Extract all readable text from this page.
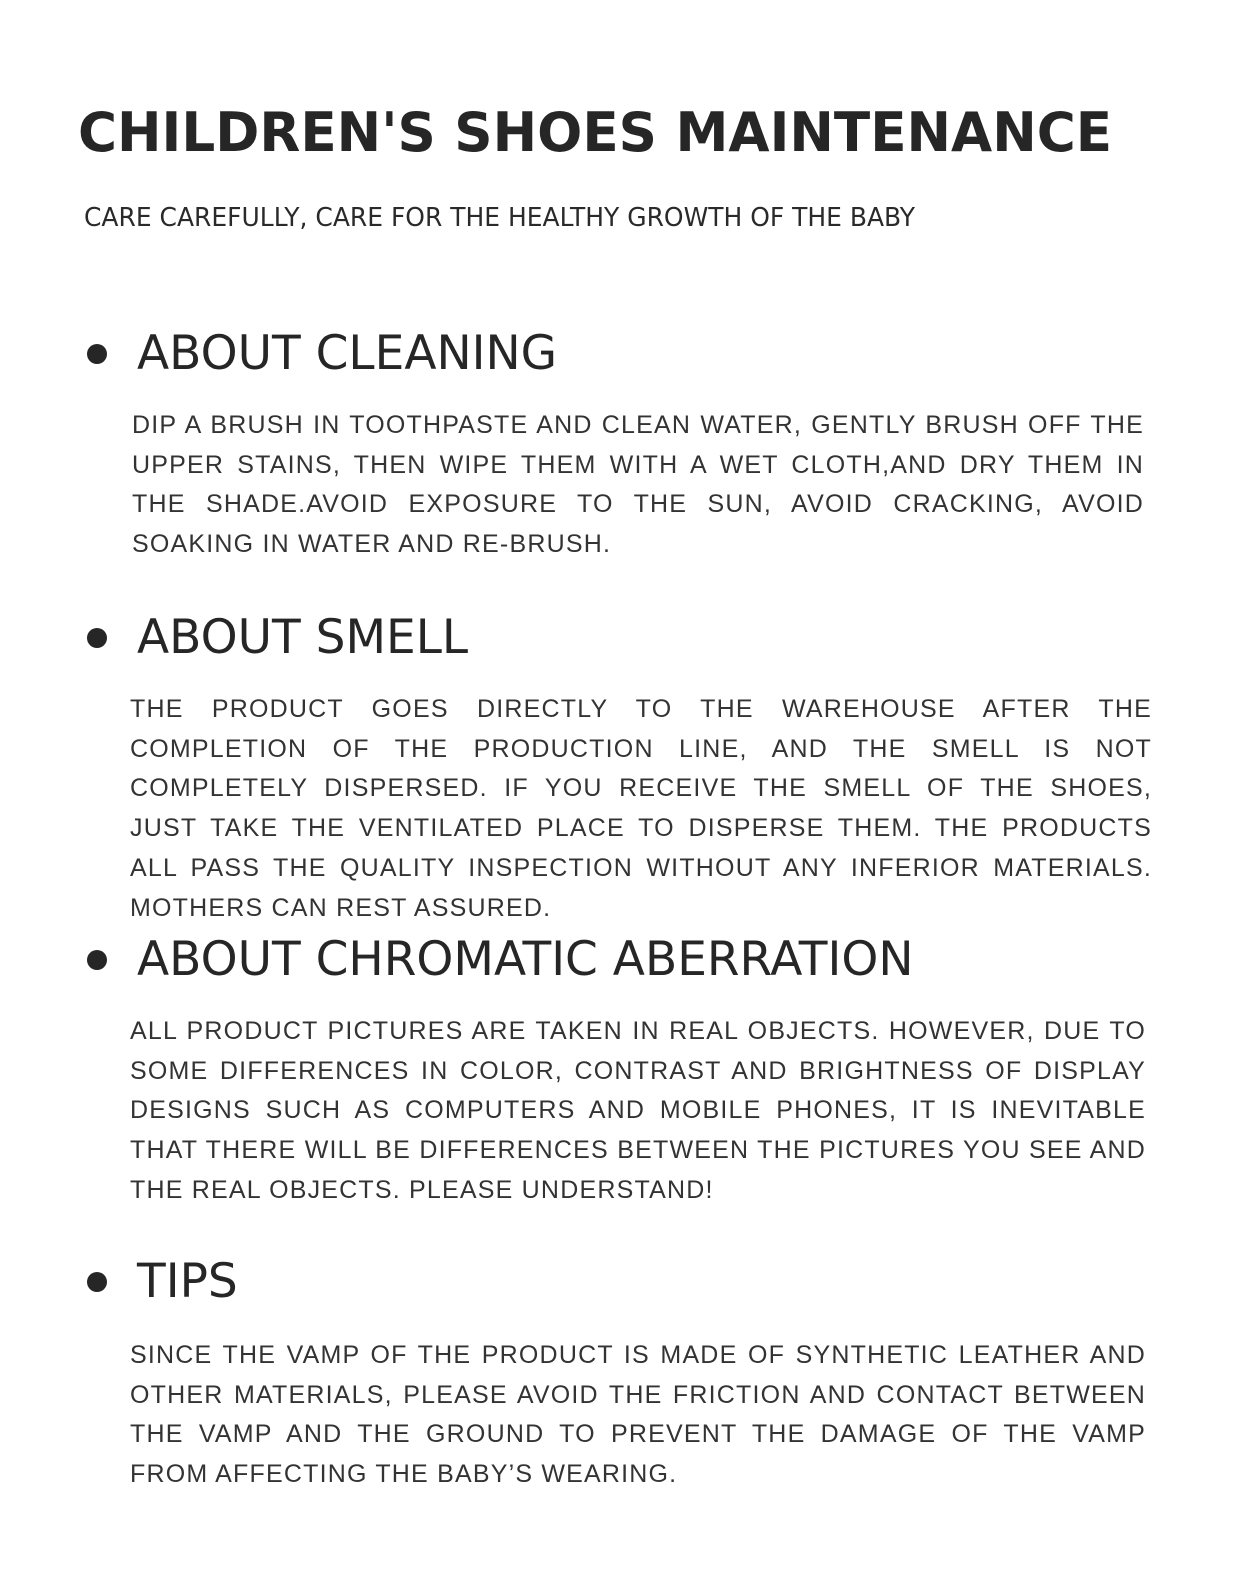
CHILDREN'S SHOES MAINTENANCE

CARE CAREFULLY, CARE FOR THE HEALTHY GROWTH OF THE BABY

ABOUT CLEANING

DIP A BRUSH IN TOOTHPASTE AND CLEAN WATER, GENTLY BRUSH OFF THE UPPER STAINS, THEN WIPE THEM WITH A WET CLOTH,AND DRY THEM IN THE SHADE.AVOID EXPOSURE TO THE SUN, AVOID CRACKING, AVOID SOAKING IN WATER AND RE-BRUSH.

ABOUT SMELL

THE PRODUCT GOES DIRECTLY TO THE WAREHOUSE AFTER THE COMPLETION OF THE PRODUCTION LINE, AND THE SMELL IS NOT COMPLETELY DISPERSED. IF YOU RECEIVE THE SMELL OF THE SHOES, JUST TAKE THE VENTILATED PLACE TO DISPERSE THEM. THE PRODUCTS ALL PASS THE QUALITY INSPECTION WITHOUT ANY INFERIOR MATERIALS. MOTHERS CAN REST ASSURED.

ABOUT CHROMATIC ABERRATION

ALL PRODUCT PICTURES ARE TAKEN IN REAL OBJECTS. HOWEVER, DUE TO SOME DIFFERENCES IN COLOR, CONTRAST AND BRIGHTNESS OF DISPLAY DESIGNS SUCH AS COMPUTERS AND MOBILE PHONES, IT IS INEVITABLE THAT THERE WILL BE DIFFERENCES BETWEEN THE PICTURES YOU SEE AND THE REAL OBJECTS. PLEASE UNDERSTAND!

TIPS

SINCE THE VAMP OF THE PRODUCT IS MADE OF SYNTHETIC LEATHER AND OTHER MATERIALS, PLEASE AVOID THE FRICTION AND CONTACT BETWEEN THE VAMP AND THE GROUND TO PREVENT THE DAMAGE OF THE VAMP FROM AFFECTING THE BABY’S WEARING.
